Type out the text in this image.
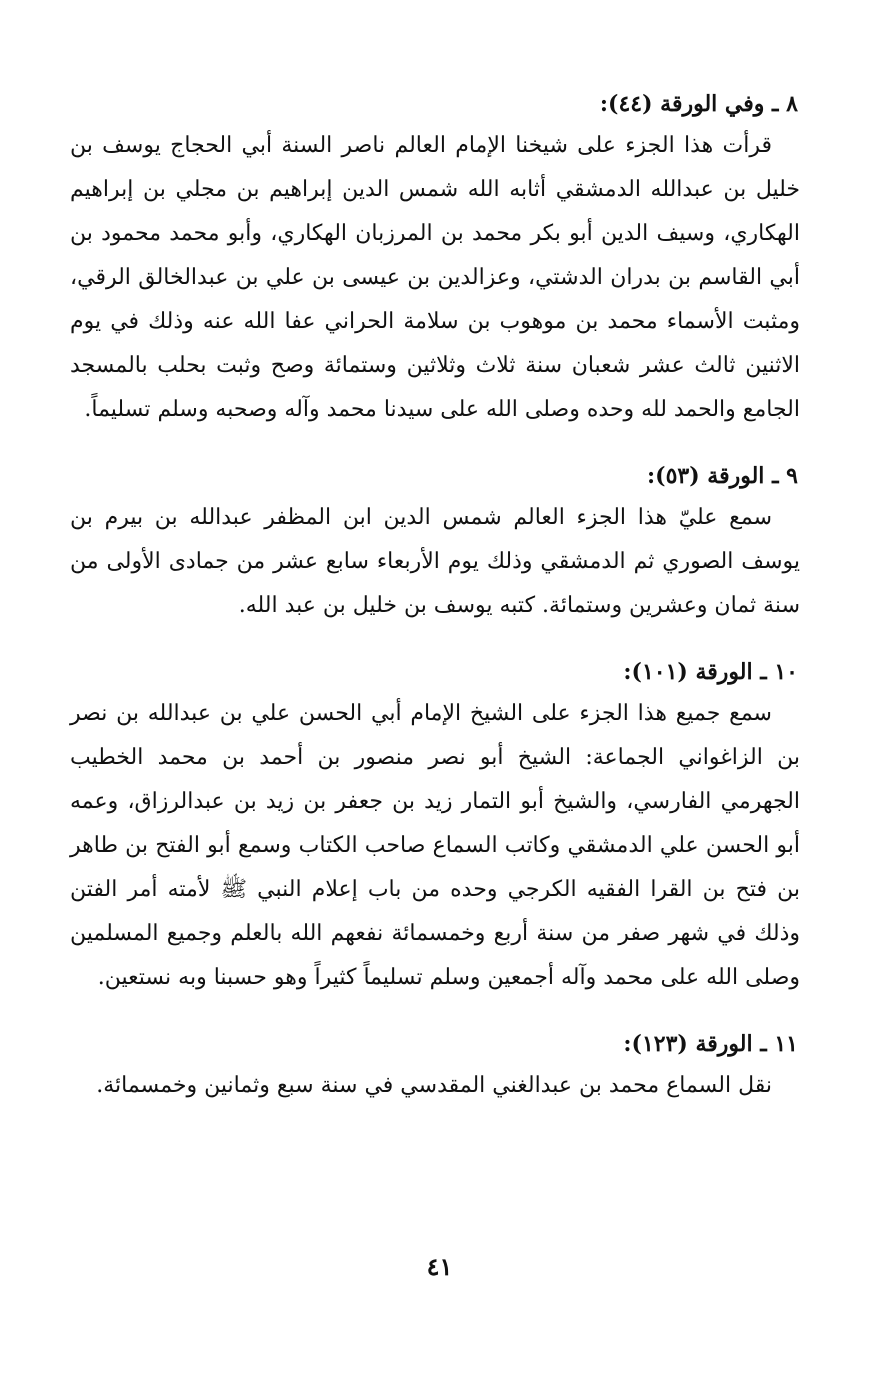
٨ ـ وفي الورقة (٤٤):

قرأت هذا الجزء على شيخنا الإمام العالم ناصر السنة أبي الحجاج يوسف بن خليل بن عبدالله الدمشقي أثابه الله شمس الدين إبراهيم بن مجلي بن إبراهيم الهكاري، وسيف الدين أبو بكر محمد بن المرزبان الهكاري، وأبو محمد محمود بن أبي القاسم بن بدران الدشتي، وعزالدين بن عيسى بن علي بن عبدالخالق الرقي، ومثبت الأسماء محمد بن موهوب بن سلامة الحراني عفا الله عنه وذلك في يوم الاثنين ثالث عشر شعبان سنة ثلاث وثلاثين وستمائة وصح وثبت بحلب بالمسجد الجامع والحمد لله وحده وصلى الله على سيدنا محمد وآله وصحبه وسلم تسليماً.

٩ ـ الورقة (٥٣):

سمع عليّ هذا الجزء العالم شمس الدين ابن المظفر عبدالله بن بيرم بن يوسف الصوري ثم الدمشقي وذلك يوم الأربعاء سابع عشر من جمادى الأولى من سنة ثمان وعشرين وستمائة. كتبه يوسف بن خليل بن عبد الله.

١٠ ـ الورقة (١٠١):

سمع جميع هذا الجزء على الشيخ الإمام أبي الحسن علي بن عبدالله بن نصر بن الزاغواني الجماعة: الشيخ أبو نصر منصور بن أحمد بن محمد الخطيب الجهرمي الفارسي، والشيخ أبو التمار زيد بن جعفر بن زيد بن عبدالرزاق، وعمه أبو الحسن علي الدمشقي وكاتب السماع صاحب الكتاب وسمع أبو الفتح بن طاهر بن فتح بن القرا الفقيه الكرجي وحده من باب إعلام النبي ﷺ لأمته أمر الفتن وذلك في شهر صفر من سنة أربع وخمسمائة نفعهم الله بالعلم وجميع المسلمين وصلى الله على محمد وآله أجمعين وسلم تسليماً كثيراً وهو حسبنا وبه نستعين.

١١ ـ الورقة (١٢٣):

نقل السماع محمد بن عبدالغني المقدسي في سنة سبع وثمانين وخمسمائة.

٤١
